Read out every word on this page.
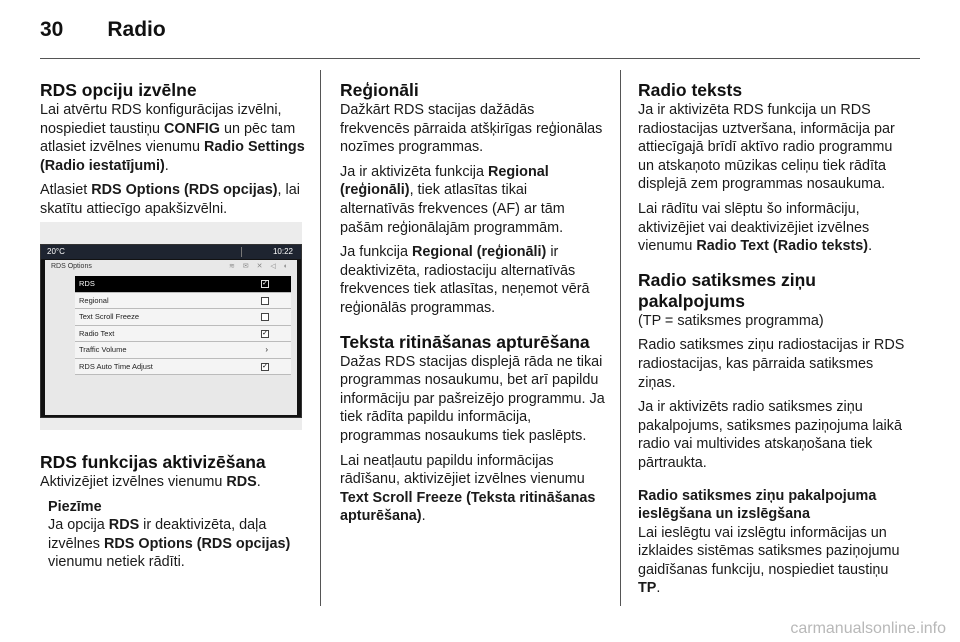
30 Radio
RDS opciju izvēlne

Lai atvērtu RDS konfigurācijas izvēlni, nospiediet taustiņu CONFIG un pēc tam atlasiet izvēlnes vienumu Radio Settings (Radio iestatījumi).

Atlasiet RDS Options (RDS opcijas), lai skatītu attiecīgo apakšizvēlni.

20°C	10:22
RDS Options	≋ ✉ ✕ ◁ ◐
RDS	✓
Regional
Text Scroll Freeze
Radio Text	✓
Traffic Volume	›
RDS Auto Time Adjust	✓
RDS funkcijas aktivizēšana

Aktivizējiet izvēlnes vienumu RDS.

Piezīme
Ja opcija RDS ir deaktivizēta, daļa izvēlnes RDS Options (RDS opcijas) vienumu netiek rādīti.
Reģionāli

Dažkārt RDS stacijas dažādās frekvencēs pārraida atšķirīgas reģionālas nozīmes programmas.

Ja ir aktivizēta funkcija Regional (reģionāli), tiek atlasītas tikai alternatīvās frekvences (AF) ar tām pašām reģionālajām programmām.

Ja funkcija Regional (reģionāli) ir deaktivizēta, radiostaciju alternatīvās frekvences tiek atlasītas, neņemot vērā reģionālās programmas.

Teksta ritināšanas apturēšana

Dažas RDS stacijas displejā rāda ne tikai programmas nosaukumu, bet arī papildu informāciju par pašreizējo programmu. Ja tiek rādīta papildu informācija, programmas nosaukums tiek paslēpts.

Lai neatļautu papildu informācijas rādīšanu, aktivizējiet izvēlnes vienumu Text Scroll Freeze (Teksta ritināšanas apturēšana).

Radio teksts

Ja ir aktivizēta RDS funkcija un RDS radiostacijas uztveršana, informācija par attiecīgajā brīdī aktīvo radio programmu un atskaņoto mūzikas celiņu tiek rādīta displejā zem programmas nosaukuma.

Lai rādītu vai slēptu šo informāciju, aktivizējiet vai deaktivizējiet izvēlnes vienumu Radio Text (Radio teksts).

Radio satiksmes ziņu pakalpojums

(TP = satiksmes programma)

Radio satiksmes ziņu radiostacijas ir RDS radiostacijas, kas pārraida satiksmes ziņas.

Ja ir aktivizēts radio satiksmes ziņu pakalpojums, satiksmes paziņojuma laikā radio vai multivides atskaņošana tiek pārtraukta.

Radio satiksmes ziņu pakalpojuma ieslēgšana un izslēgšana

Lai ieslēgtu vai izslēgtu informācijas un izklaides sistēmas satiksmes paziņojumu gaidīšanas funkciju, nospiediet taustiņu TP.

carmanualsonline.info
